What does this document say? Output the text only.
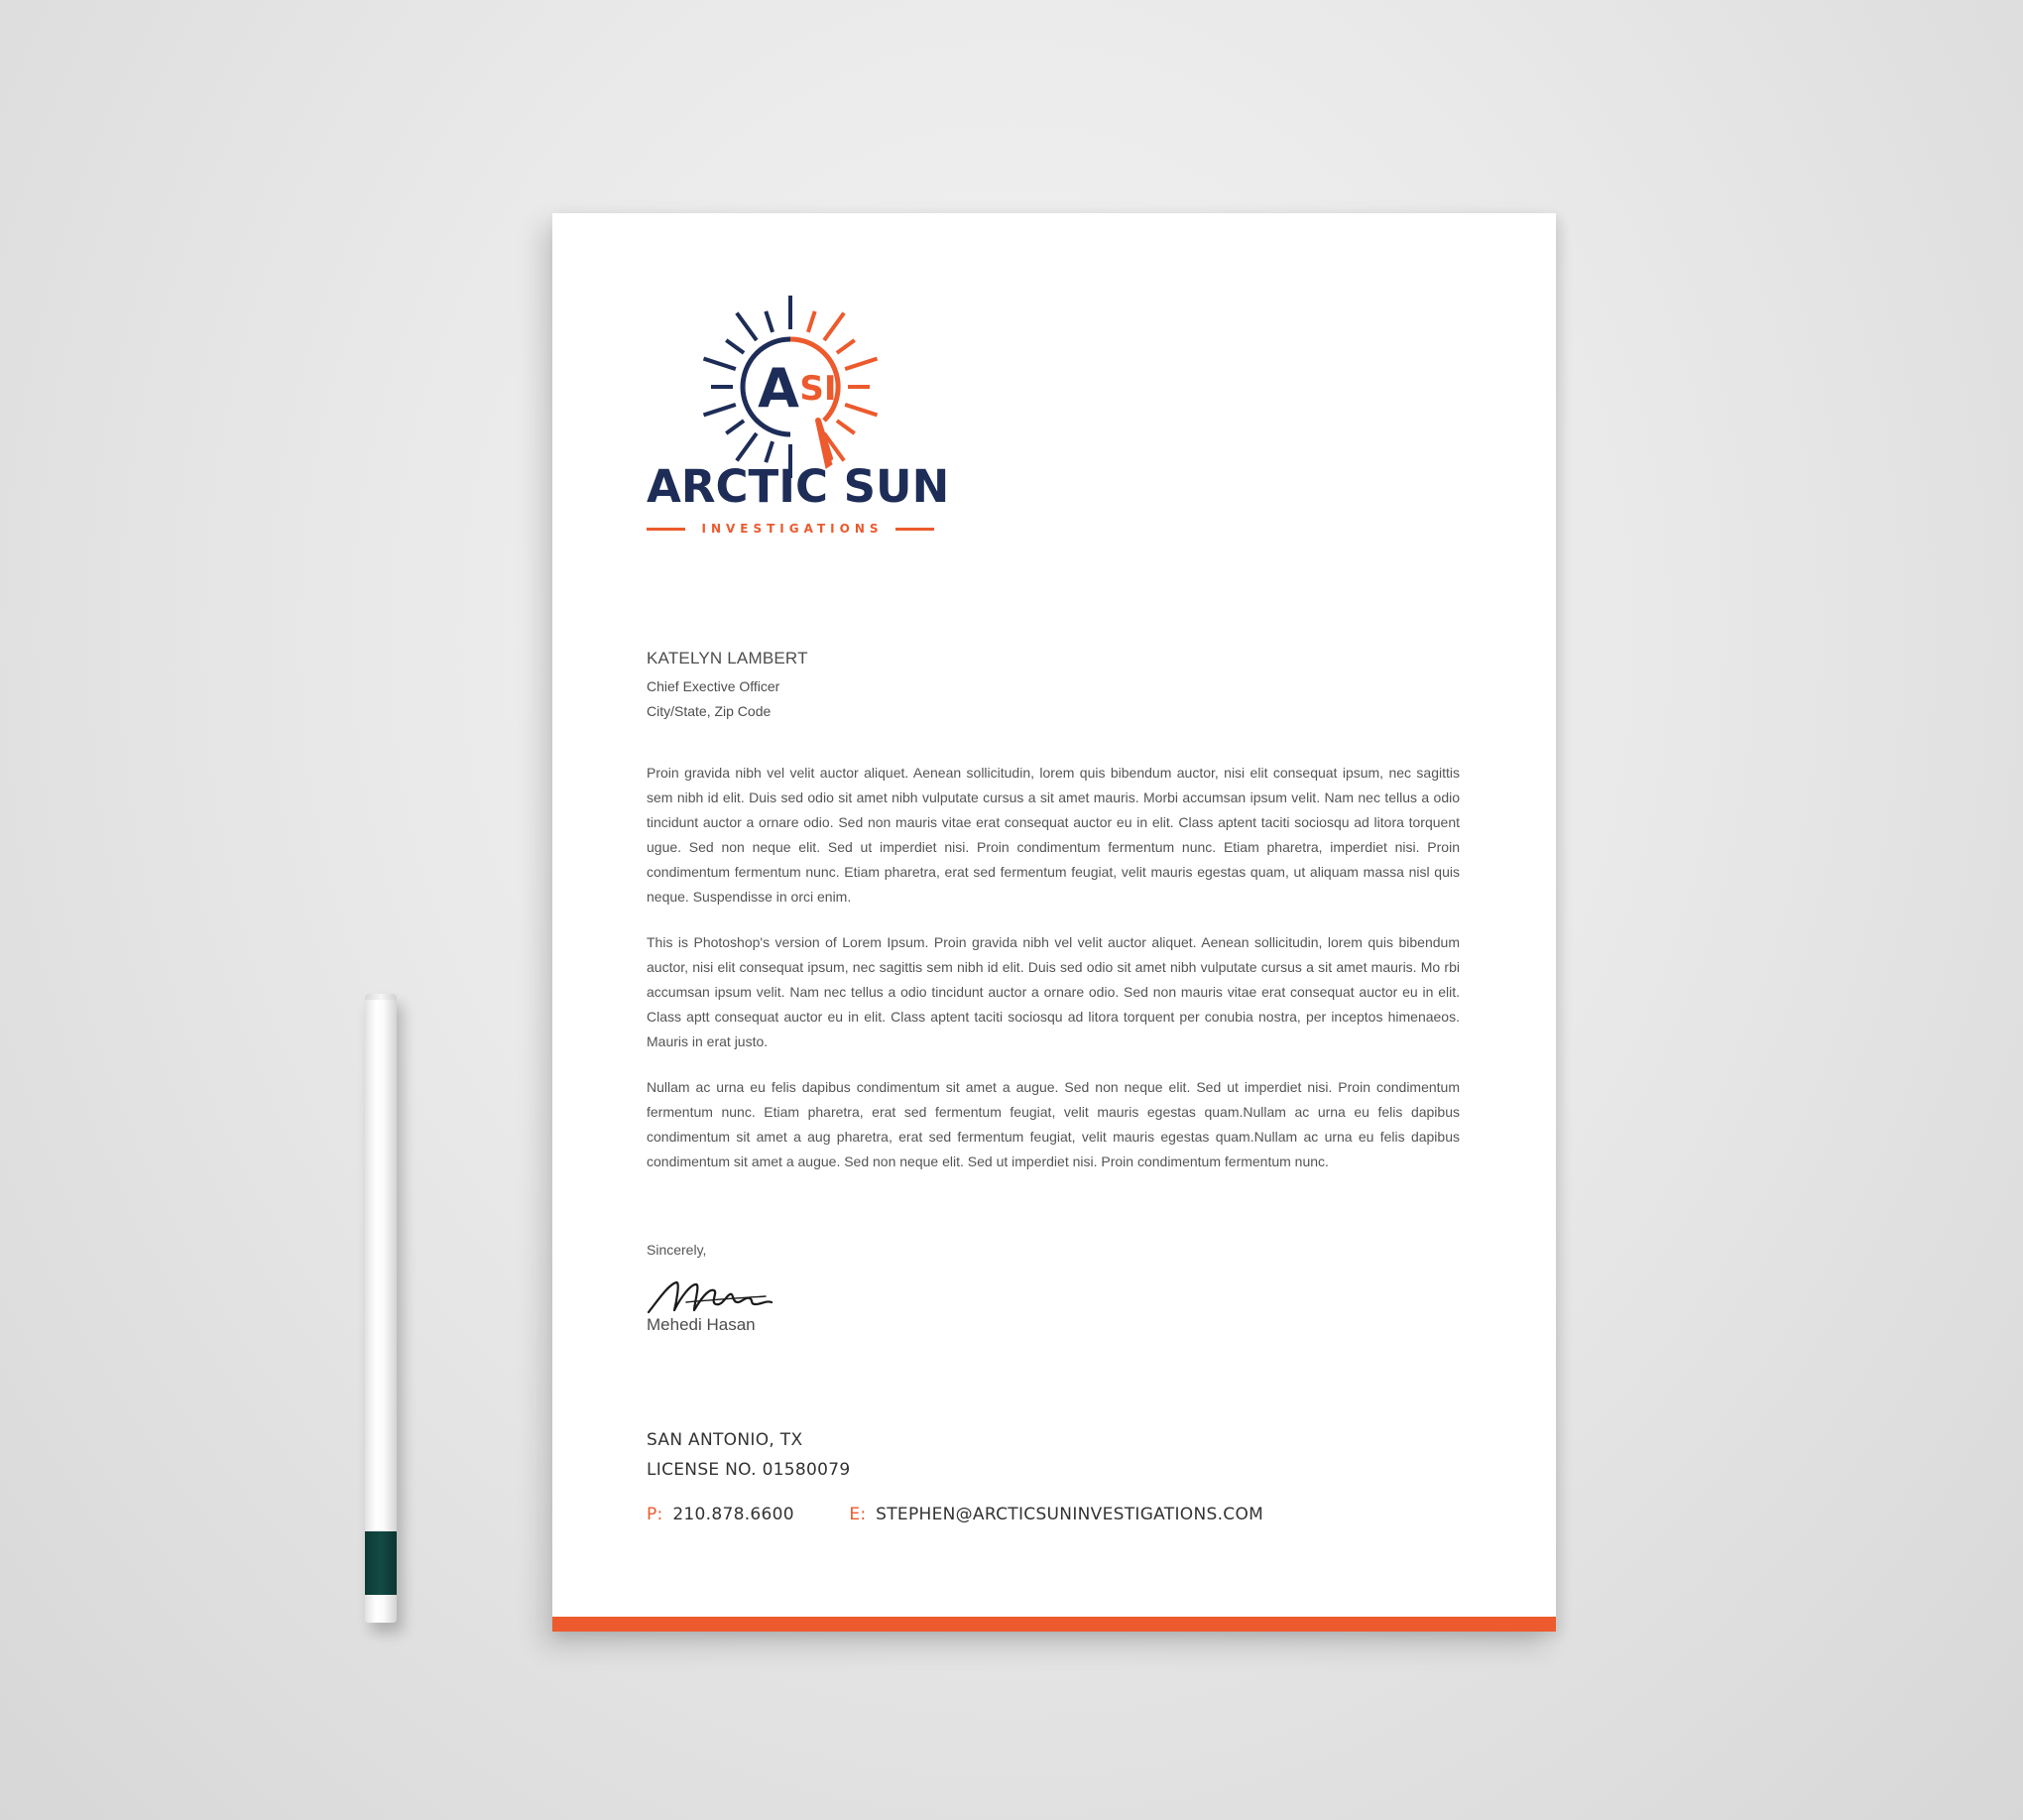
A SI
ARCTIC SUN
INVESTIGATIONS
KATELYN LAMBERT
Chief Exective Officer
City/State, Zip Code

Proin gravida nibh vel velit auctor aliquet. Aenean sollicitudin, lorem quis bibendum auctor, nisi elit consequat ipsum, nec sagittis sem nibh id elit. Duis sed odio sit amet nibh vulputate cursus a sit amet mauris. Morbi accumsan ipsum velit. Nam nec tellus a odio tincidunt auctor a ornare odio. Sed non mauris vitae erat consequat auctor eu in elit. Class aptent taciti sociosqu ad litora torquent ugue. Sed non neque elit. Sed ut imperdiet nisi. Proin condimentum fermentum nunc. Etiam pharetra, imperdiet nisi. Proin condimentum fermentum nunc. Etiam pharetra, erat sed fermentum feugiat, velit mauris egestas quam, ut aliquam massa nisl quis neque. Suspendisse in orci enim.

This is Photoshop's version of Lorem Ipsum. Proin gravida nibh vel velit auctor aliquet. Aenean sollicitudin, lorem quis bibendum auctor, nisi elit consequat ipsum, nec sagittis sem nibh id elit. Duis sed odio sit amet nibh vulputate cursus a sit amet mauris. Mo rbi accumsan ipsum velit. Nam nec tellus a odio tincidunt auctor a ornare odio. Sed non mauris vitae erat consequat auctor eu in elit. Class aptt consequat auctor eu in elit. Class aptent taciti sociosqu ad litora torquent per conubia nostra, per inceptos himenaeos. Mauris in erat justo.

Nullam ac urna eu felis dapibus condimentum sit amet a augue. Sed non neque elit. Sed ut imperdiet nisi. Proin condimentum fermentum nunc. Etiam pharetra, erat sed fermentum feugiat, velit mauris egestas quam.Nullam ac urna eu felis dapibus condimentum sit amet a aug pharetra, erat sed fermentum feugiat, velit mauris egestas quam.Nullam ac urna eu felis dapibus condimentum sit amet a augue. Sed non neque elit. Sed ut imperdiet nisi. Proin condimentum fermentum nunc.

Sincerely,
Mehedi Hasan
SAN ANTONIO, TX
LICENSE NO. 01580079
P: 210.878.6600	E: STEPHEN@ARCTICSUNINVESTIGATIONS.COM
